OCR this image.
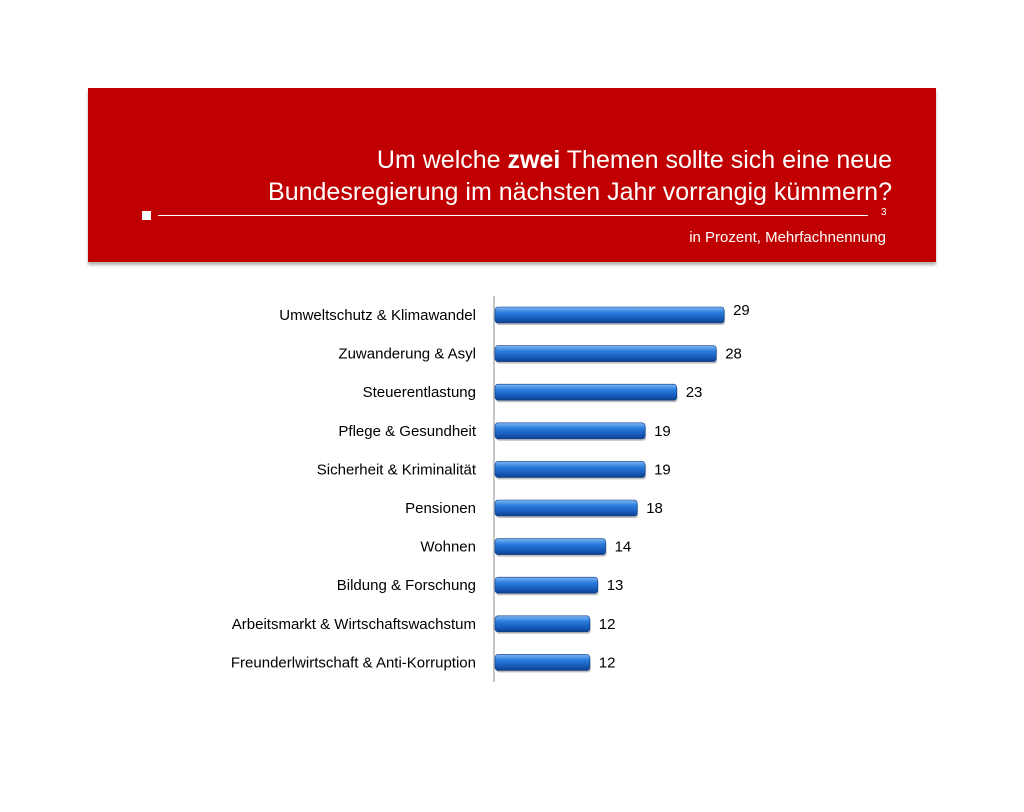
Um welche zwei Themen sollte sich eine neue
Bundesregierung im nächsten Jahr vorrangig kümmern?
3
in Prozent, Mehrfachnennung
Umweltschutz & Klimawandel	29
Zuwanderung & Asyl	28
Steuerentlastung	23
Pflege & Gesundheit	19
Sicherheit & Kriminalität	19
Pensionen	18
Wohnen	14
Bildung & Forschung	13
Arbeitsmarkt & Wirtschaftswachstum	12
Freunderlwirtschaft & Anti-Korruption	12
